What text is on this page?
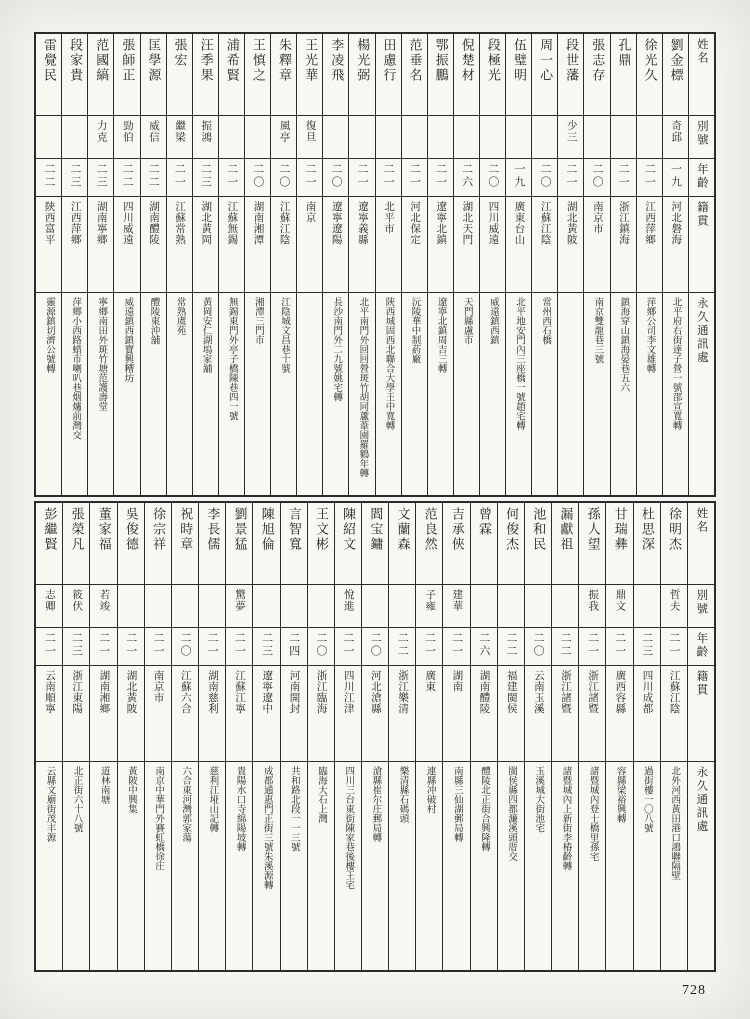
姓名
別號
年齡
籍貫
永久通訊處
劉金標
奇邱
一九
河北磐海
北平府右街達子營一號邵宣寬轉
徐光久
二一
江西萍鄉
萍鄉公司李文雄轉
孔鼎
二一
浙江鎮海
鎮海穿山鎮海晏巷五六
張志存
二〇
南京市
南京雙龍巷三號
段世藩
少三
二一
湖北黃陂
周一心
二〇
江蘇江陰
常州西石橋
伍璧明
一九
廣東台山
北平地安門內三座橋一號趙宅轉
段極光
二〇
四川威遠
威遠鎮西鎮
倪楚材
二六
湖北天門
天門縣盧市
鄂振鵬
二一
遼寧北鎮
遼寧北鎮周吉三轉
范垂名
二一
河北保定
沅陵華中制葯廠
田慮行
二一
北平市
陝西城固西北聯合大學王中寬轉
楊光弼
二一
遼寧義縣
北平南門外回回營斑竹胡同蘆葦園羅鶴年轉
李凌飛
二〇
遼寧遼陽
長沙南門外二九號姚宅轉
王光華
復旦
二一
南京
朱釋章
風亭
二〇
江蘇江陰
江陰城文昌巷十號
王慎之
二〇
湖南湘潭
湘潭三門市
浦希賢
二一
江蘇無錫
無錫東門外亭子橋陳巷四一號
汪季果
振鴻
二三
湖北黃岡
黃岡安仁湖塢家舖
張宏
繼梁
二一
江蘇常熟
常熟虞苑
匡學源
威信
二二
湖南醴陵
醴陵東沖舖
張師正
勁伯
二二
四川威遠
威遠鎮西鎮寶興糟坊
范國縞
力克
二三
湖南寧鄉
寧鄉南田外斑竹塘范護壽堂
段家貴
二三
江西萍鄉
萍鄉小西路蜡市喇叭巷烟爐前灣交
雷覺民
二二
陝西富平
靈源鎮切濟公號轉
姓名
別號
年齡
籍貫
永久通訊處
徐明杰
哲夫
二一
江蘇江陰
北外河西黃田港口鴻聯隔壁
杜思深
二三
四川成都
過街樓一〇八號
甘瑞彝
鼎文
二一
廣西容縣
容縣梁裕興轉
孫人望
振我
二一
浙江諸暨
諸暨城內登士橋里孫宅
漏獻祖
二二
浙江諸暨
諸暨城內上新街李椿齡轉
池和民
二〇
云南玉溪
玉溪城大街池宅
何俊杰
二二
福建閩侯
閩侯縣四都濂溪頭厝交
曾霖
二六
湖南醴陵
醴陵北正街合興隆轉
吉承俠
建華
二一
湖南
南縣三仙湖郵局轉
范良然
子雍
二一
廣東
連縣冲破村
文蘭森
二二
浙江樂清
樂清縣石碼頭
閻宝鏞
二〇
河北滄縣
滄縣崔尔庄郵局轉
陳紹文
悅進
二一
四川江津
四川三台東街陳家巷後樓王宅
王文彬
二〇
浙江臨海
臨海大石上灣
言智寬
二四
河南開封
共和路北段一一三號
陳旭倫
二三
遼寧遼中
成都通惠門正街三號朱溪源轉
劉景猛
驚夢
二一
江蘇江寧
貴陽水口寺綿陽坡轉
李長儒
二一
湖南慈利
慈利江垭山記轉
祝時章
二〇
江蘇六合
六合東河灣郭家蕩
徐宗祥
二一
南京市
南京中華門外賽虹橋徐庄
吳俊德
二一
湖北黃陂
黃陂中興集
董家福
若竣
二一
湖南湘鄉
道林南塘
張榮凡
筱伏
二三
浙江東陽
北正街六十八號
彭繼賢
志卿
二一
云南順寧
云縣文廟街茂丰源
728
